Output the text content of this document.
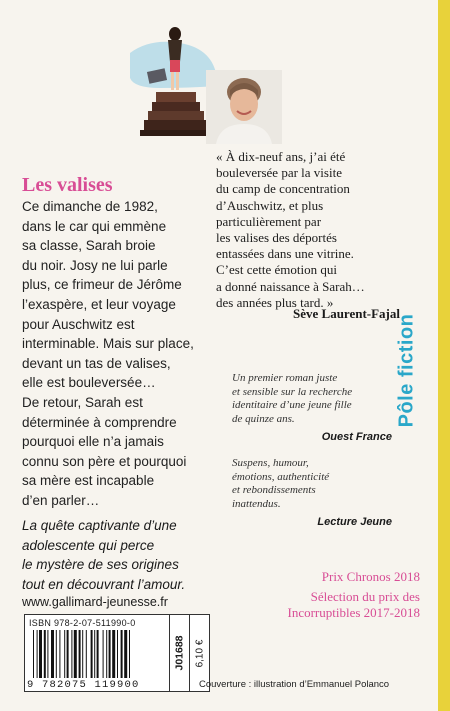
Les valises

Ce dimanche de 1982,

dans le car qui emmène

sa classe, Sarah broie

du noir. Josy ne lui parle

plus, ce frimeur de Jérôme

l’exaspère, et leur voyage

pour Auschwitz est

interminable. Mais sur place,

devant un tas de valises,

elle est bouleversée…

De retour, Sarah est

déterminée à comprendre

pourquoi elle n’a jamais

connu son père et pourquoi

sa mère est incapable

d’en parler…

La quête captivante d’une

adolescente qui perce

le mystère de ses origines

tout en découvrant l’amour.

« À dix-neuf ans, j’ai été
bouleversée par la visite
du camp de concentration
d’Auschwitz, et plus
particulièrement par
les valises des déportés
entassées dans une vitrine.
C’est cette émotion qui
a donné naissance à Sarah…
des années plus tard. »
Sève Laurent-Fajal
Pôle fiction
Un premier roman juste
et sensible sur la recherche
identitaire d’une jeune fille
de quinze ans.
Ouest France
Suspens, humour,
émotions, authenticité
et rebondissements
inattendus.
Lecture Jeune
Prix Chronos 2018
Sélection du prix des
Incorruptibles 2017-2018
www.gallimard-jeunesse.fr
ISBN 978-2-07-511990-0
9 782075 119900
J01688 6,10 €
Couverture : illustration d’Emmanuel Polanco
